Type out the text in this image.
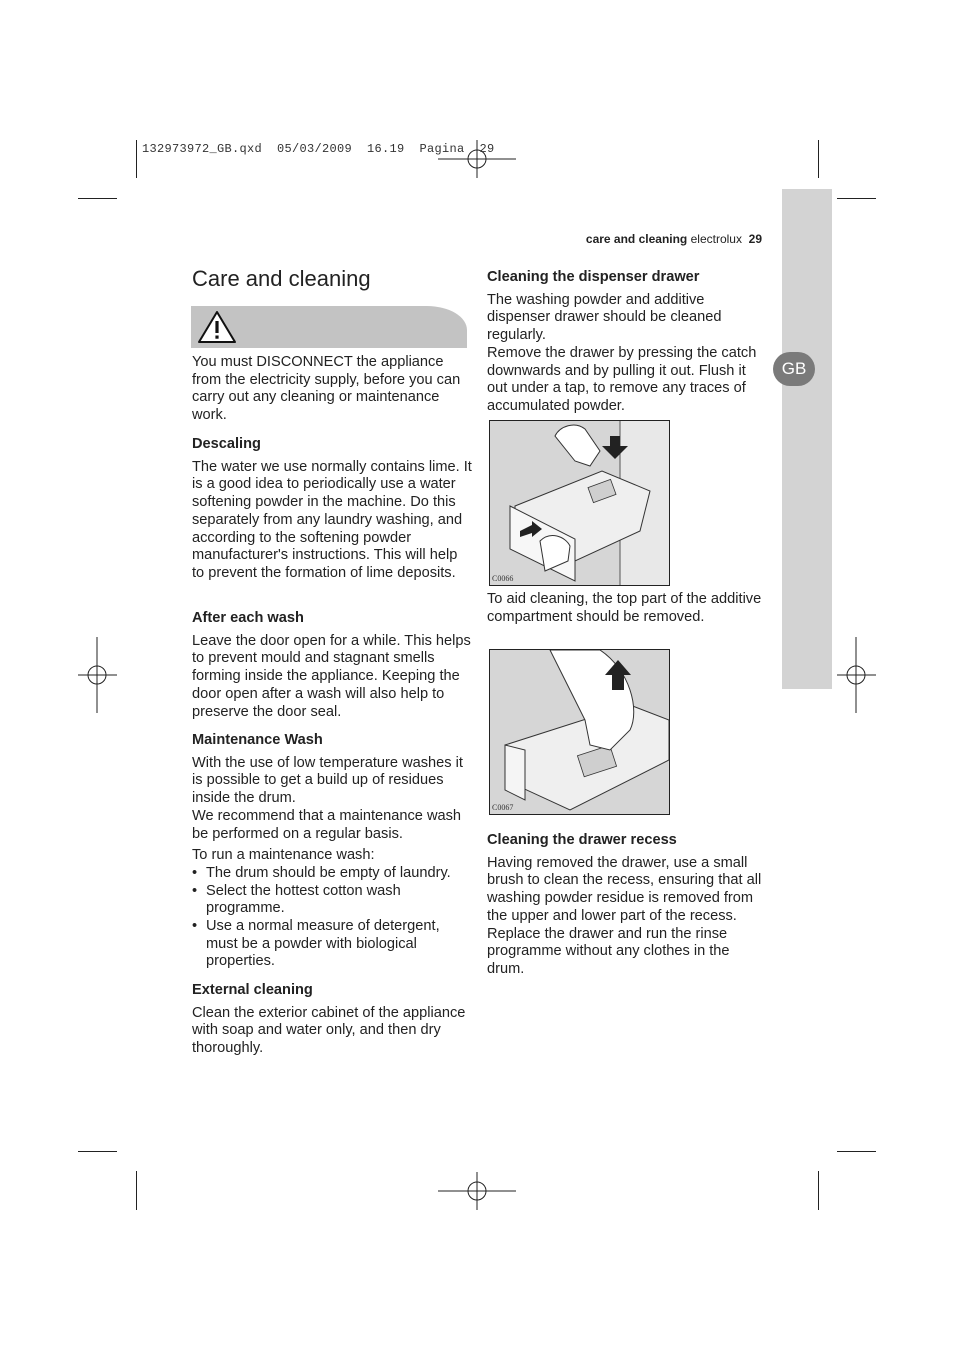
132973972_GB.qxd  05/03/2009  16.19  Pagina  29
care and cleaning electrolux 29
GB
Care and cleaning

You must DISCONNECT the appliance from the electricity supply, before you can carry out any cleaning or maintenance work.

Descaling

The water we use normally contains lime. It is a good idea to periodically use a water softening powder in the machine. Do this separately from any laundry washing, and according to the softening powder manufacturer's instructions. This will help to prevent the formation of lime deposits.

After each wash

Leave the door open for a while. This helps to prevent mould and stagnant smells forming inside the appliance. Keeping the door open after a wash will also help to preserve the door seal.

Maintenance Wash

With the use of low temperature washes it is possible to get a build up of residues inside the drum.

We recommend that a maintenance wash be performed on a regular basis.

To run a maintenance wash:

• The drum should be empty of laundry.
• Select the hottest cotton wash programme.
• Use a normal measure of detergent, must be a powder with biological properties.

External cleaning

Clean the exterior cabinet of the appliance with soap and water only, and then dry thoroughly.

Cleaning the dispenser drawer

The washing powder and additive dispenser drawer should be cleaned regularly.

Remove the drawer by pressing the catch downwards and by pulling it out. Flush it out under a tap, to remove any traces of accumulated powder.

C0066

To aid cleaning, the top part of the additive compartment should be removed.

C0067

Cleaning the drawer recess

Having removed the drawer, use a small brush to clean the recess, ensuring that all washing powder residue is removed from the upper and lower part of the recess.

Replace the drawer and run the rinse programme without any clothes in the drum.
